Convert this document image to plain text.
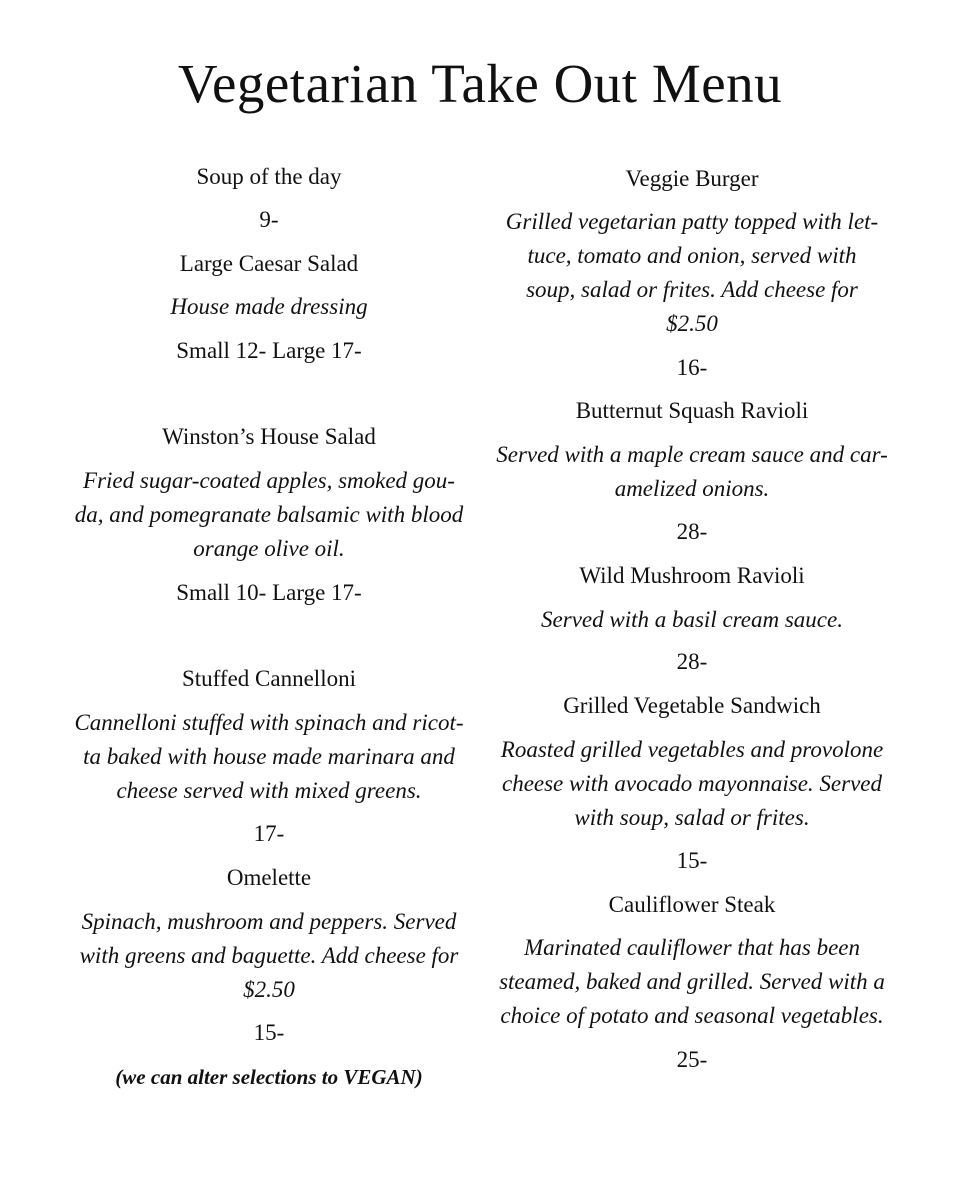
Vegetarian Take Out Menu
Soup of the day
9-
Large Caesar Salad
House made dressing
Small 12- Large 17-
Winston’s House Salad
Fried sugar-coated apples, smoked gou-
da, and pomegranate balsamic with blood
orange olive oil.
Small 10- Large 17-
Stuffed Cannelloni
Cannelloni stuffed with spinach and ricot-
ta baked with house made marinara and
cheese served with mixed greens.
17-
Omelette
Spinach, mushroom and peppers. Served
with greens and baguette. Add cheese for
$2.50
15-
(we can alter selections to VEGAN)
Veggie Burger
Grilled vegetarian patty topped with let-
tuce, tomato and onion, served with
soup, salad or frites. Add cheese for
$2.50
16-
Butternut Squash Ravioli
Served with a maple cream sauce and car-
amelized onions.
28-
Wild Mushroom Ravioli
Served with a basil cream sauce.
28-
Grilled Vegetable Sandwich
Roasted grilled vegetables and provolone
cheese with avocado mayonnaise. Served
with soup, salad or frites.
15-
Cauliflower Steak
Marinated cauliflower that has been
steamed, baked and grilled. Served with a
choice of potato and seasonal vegetables.
25-
